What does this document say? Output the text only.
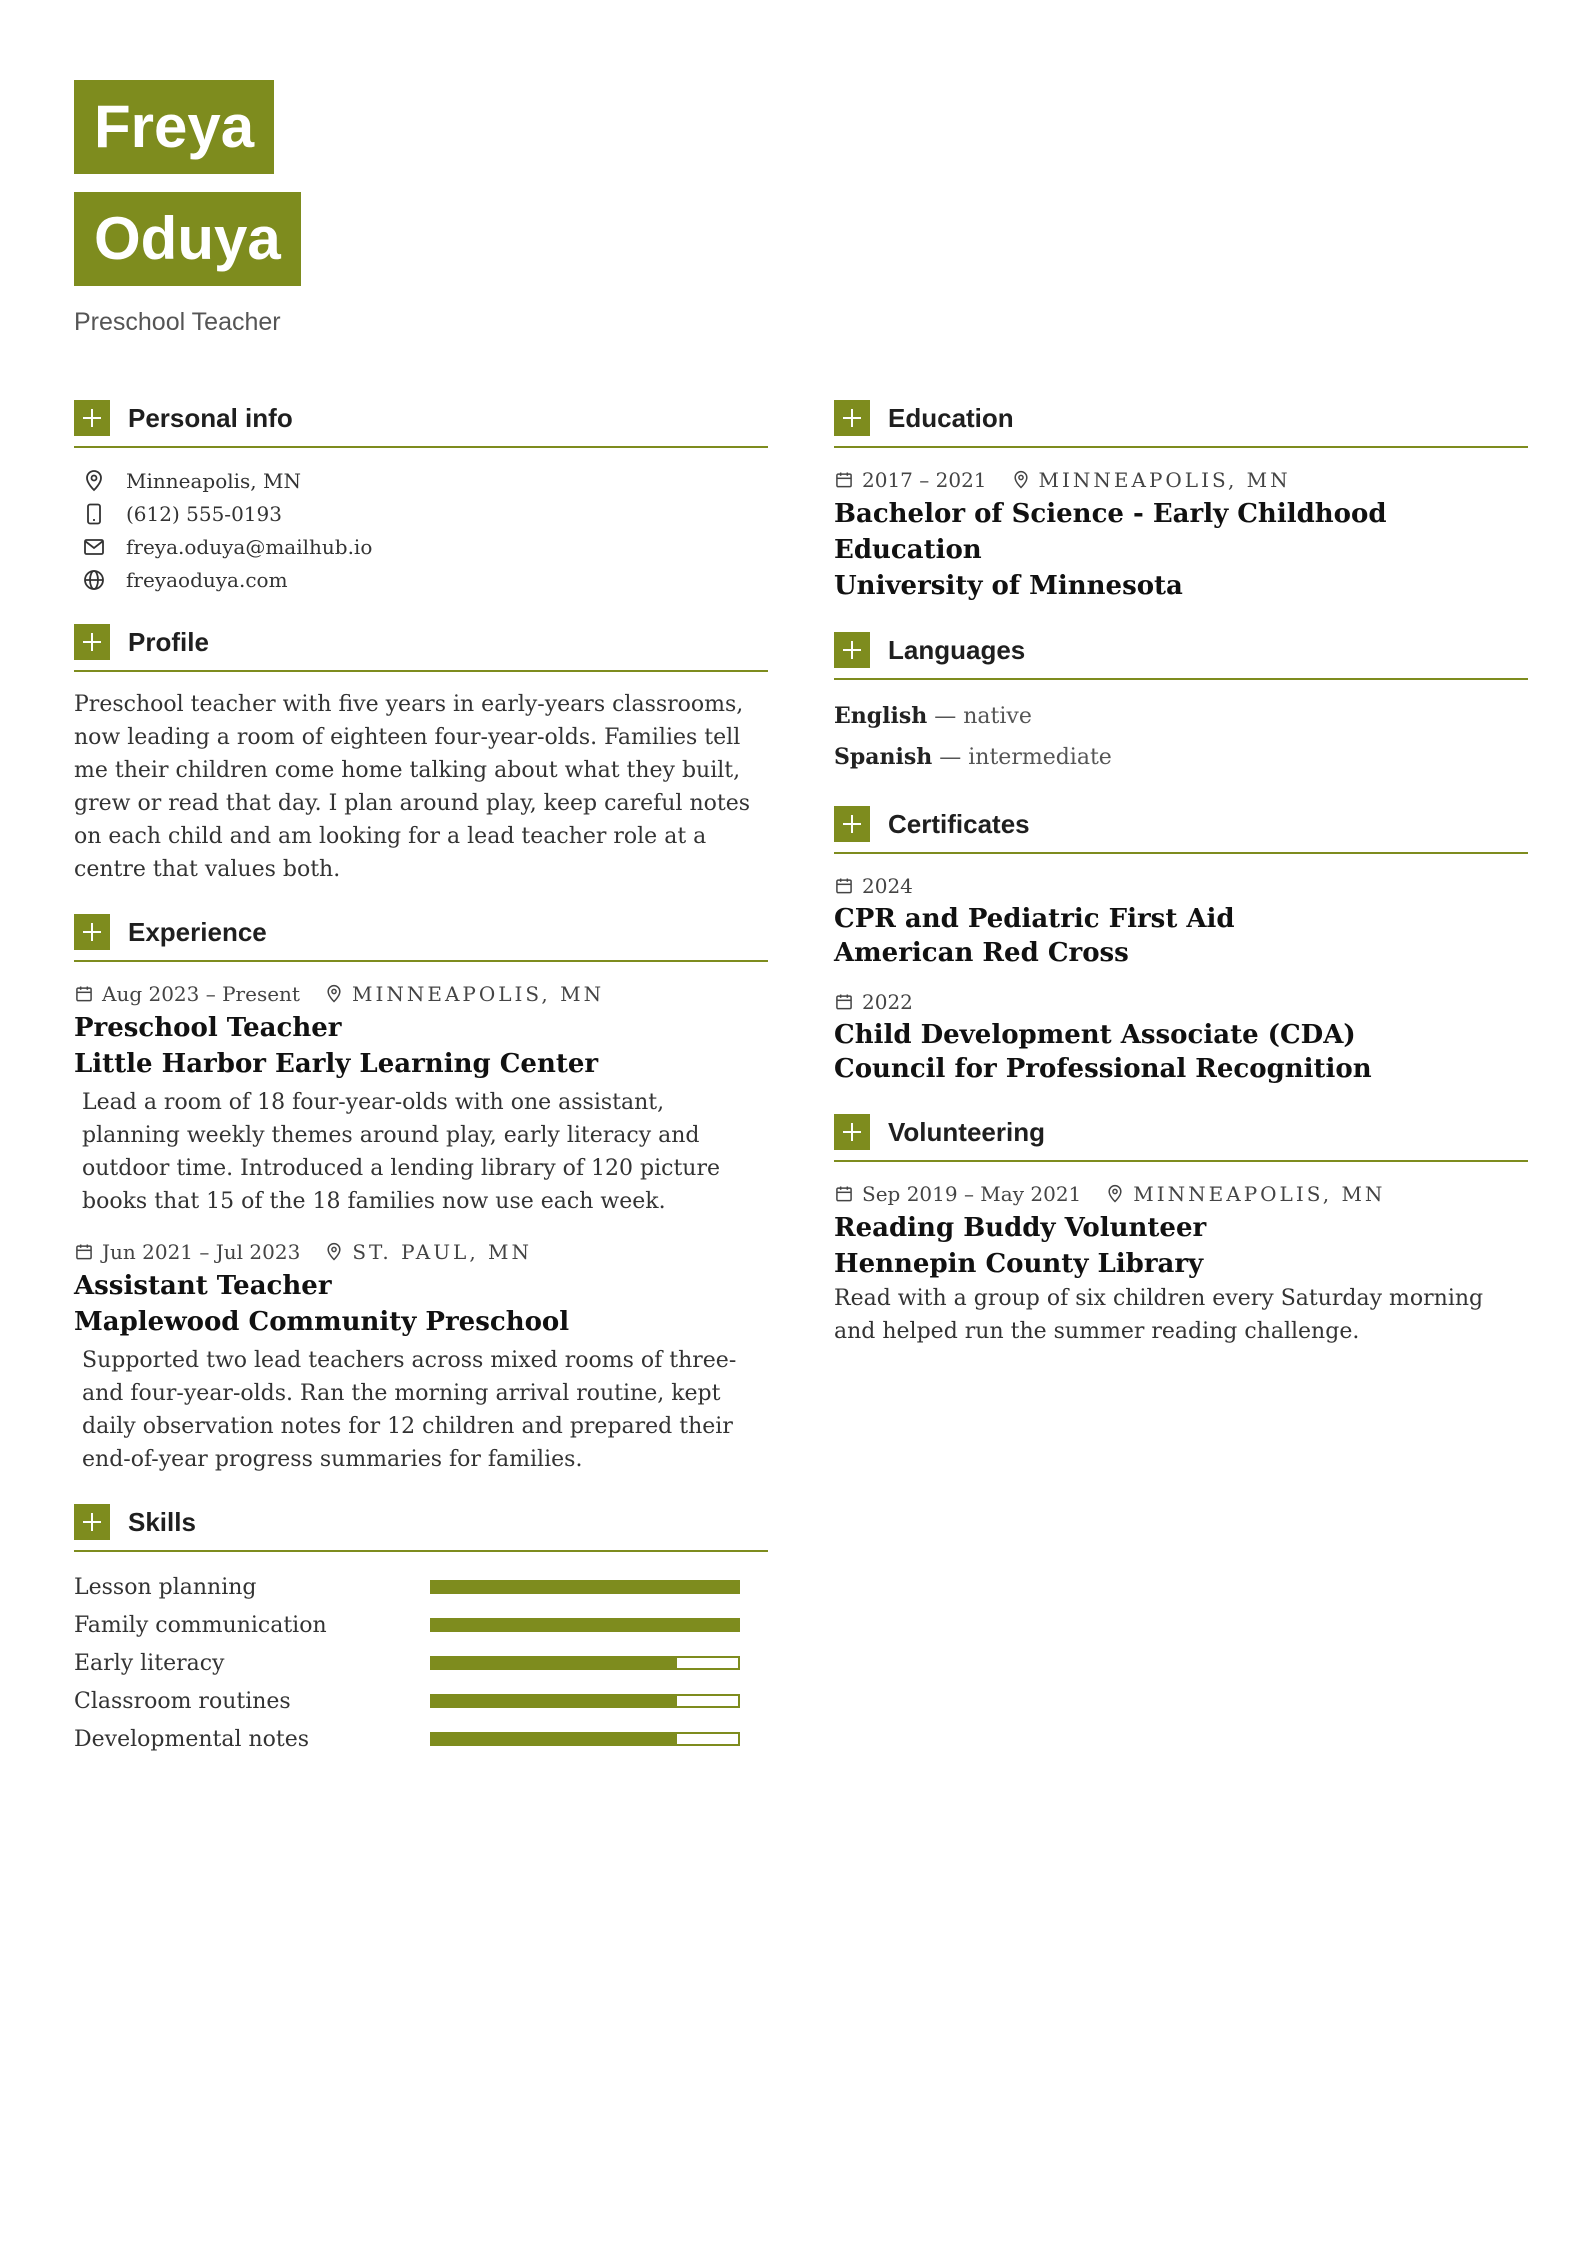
Freya
Oduya
Preschool Teacher
Personal info
Minneapolis, MN
(612) 555-0193
freya.oduya@mailhub.io
freyaoduya.com
Profile
Preschool teacher with five years in early-years classrooms, now leading a room of eighteen four-year-olds. Families tell me their children come home talking about what they built, grew or read that day. I plan around play, keep careful notes on each child and am looking for a lead teacher role at a centre that values both.
Experience
Aug 2023 – Present	MINNEAPOLIS, MN
Preschool Teacher
Little Harbor Early Learning Center
Lead a room of 18 four-year-olds with one assistant, planning weekly themes around play, early literacy and outdoor time. Introduced a lending library of 120 picture books that 15 of the 18 families now use each week.
Jun 2021 – Jul 2023	ST. PAUL, MN
Assistant Teacher
Maplewood Community Preschool
Supported two lead teachers across mixed rooms of three- and four-year-olds. Ran the morning arrival routine, kept daily observation notes for 12 children and prepared their end-of-year progress summaries for families.
Skills
Lesson planning
Family communication
Early literacy
Classroom routines
Developmental notes
Education
2017 – 2021	MINNEAPOLIS, MN
Bachelor of Science - Early Childhood Education
University of Minnesota
Languages
English — native
Spanish — intermediate
Certificates
2024
CPR and Pediatric First Aid
American Red Cross
2022
Child Development Associate (CDA)
Council for Professional Recognition
Volunteering
Sep 2019 – May 2021	MINNEAPOLIS, MN
Reading Buddy Volunteer
Hennepin County Library
Read with a group of six children every Saturday morning and helped run the summer reading challenge.
